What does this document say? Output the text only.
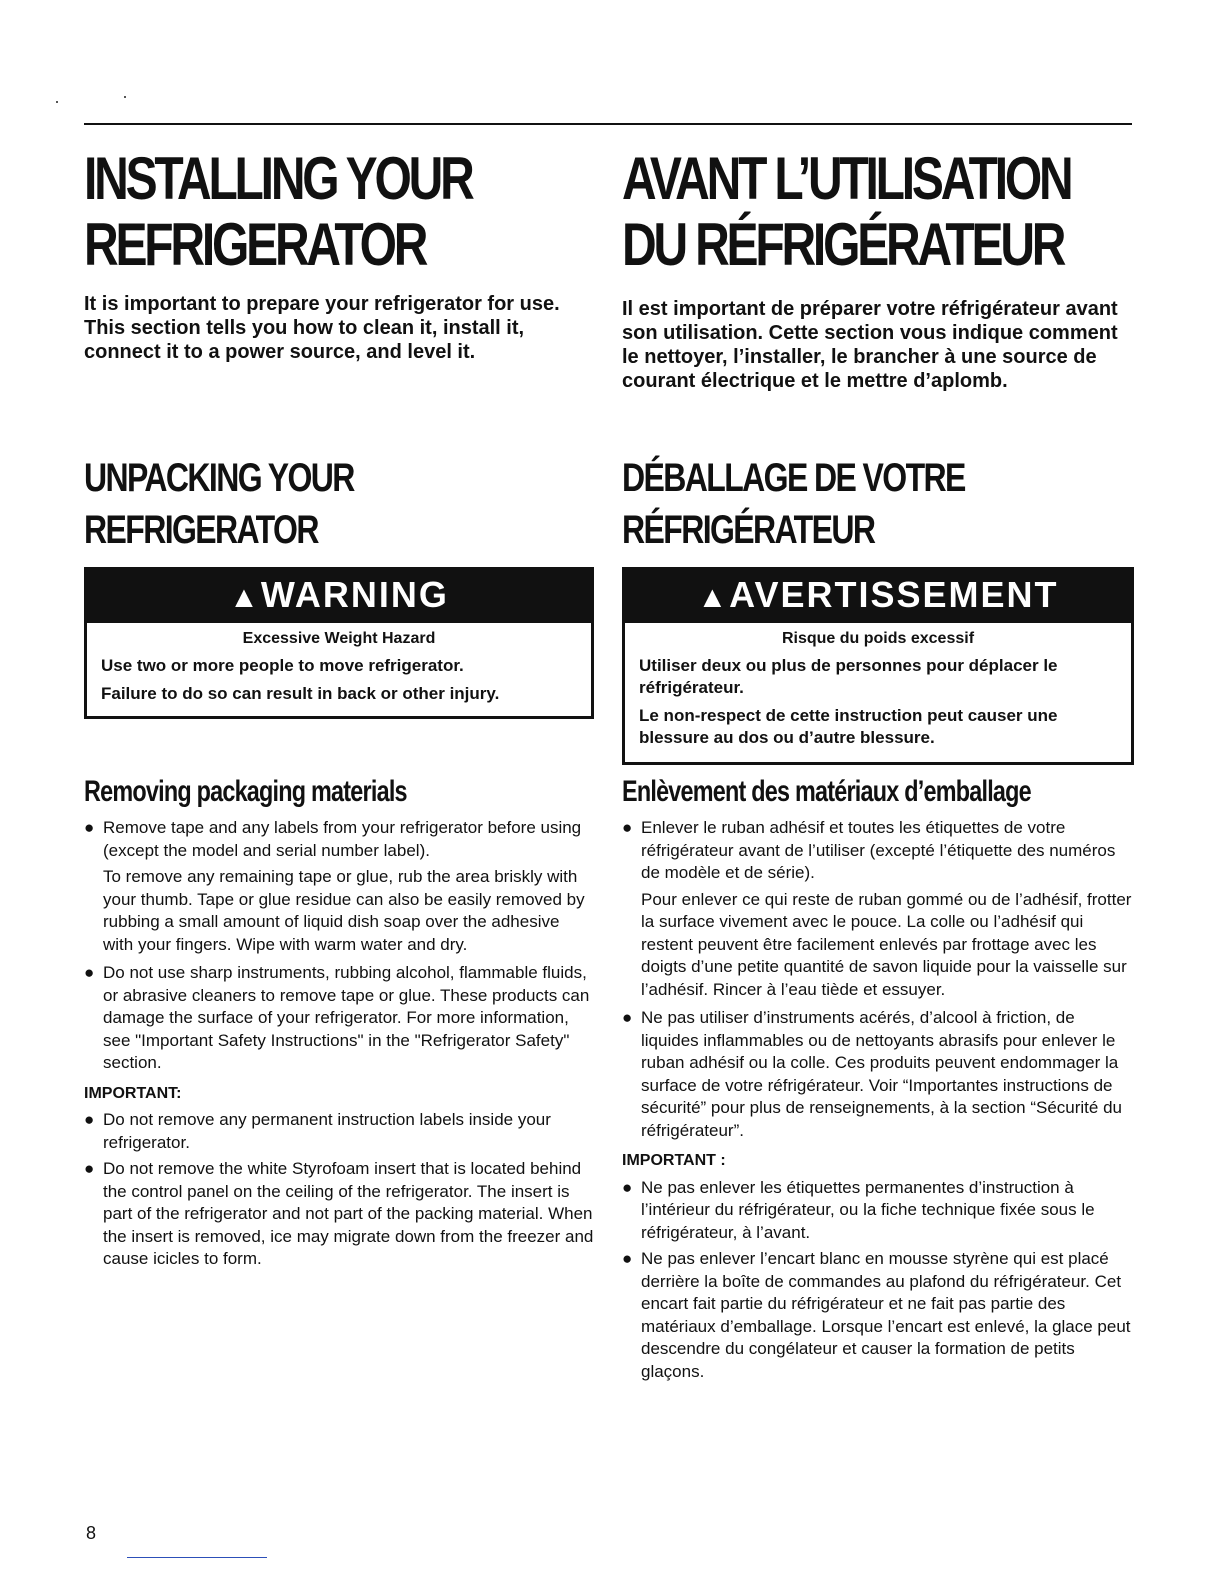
INSTALLING YOUR REFRIGERATOR

It is important to prepare your refrigerator for use. This section tells you how to clean it, install it, connect it to a power source, and level it.

UNPACKING YOUR REFRIGERATOR
▲WARNING
Excessive Weight Hazard
Use two or more people to move refrigerator.
Failure to do so can result in back or other injury.
Removing packaging materials
● Remove tape and any labels from your refrigerator before using (except the model and serial number label).
To remove any remaining tape or glue, rub the area briskly with your thumb. Tape or glue residue can also be easily removed by rubbing a small amount of liquid dish soap over the adhesive with your fingers. Wipe with warm water and dry.
● Do not use sharp instruments, rubbing alcohol, flammable fluids, or abrasive cleaners to remove tape or glue. These products can damage the surface of your refrigerator. For more information, see "Important Safety Instructions" in the "Refrigerator Safety" section.
IMPORTANT:
● Do not remove any permanent instruction labels inside your refrigerator.
● Do not remove the white Styrofoam insert that is located behind the control panel on the ceiling of the refrigerator. The insert is part of the refrigerator and not part of the packing material. When the insert is removed, ice may migrate down from the freezer and cause icicles to form.
AVANT L’UTILISATION DU RÉFRIGÉRATEUR

Il est important de préparer votre réfrigérateur avant son utilisation. Cette section vous indique comment le nettoyer, l’installer, le brancher à une source de courant électrique et le mettre d’aplomb.

DÉBALLAGE DE VOTRE RÉFRIGÉRATEUR
▲AVERTISSEMENT
Risque du poids excessif
Utiliser deux ou plus de personnes pour déplacer le réfrigérateur.
Le non-respect de cette instruction peut causer une blessure au dos ou d’autre blessure.
Enlèvement des matériaux d’emballage
● Enlever le ruban adhésif et toutes les étiquettes de votre réfrigérateur avant de l’utiliser (excepté l’étiquette des numéros de modèle et de série).
Pour enlever ce qui reste de ruban gommé ou de l’adhésif, frotter la surface vivement avec le pouce. La colle ou l’adhésif qui restent peuvent être facilement enlevés par frottage avec les doigts d’une petite quantité de savon liquide pour la vaisselle sur l’adhésif. Rincer à l’eau tiède et essuyer.
● Ne pas utiliser d’instruments acérés, d’alcool à friction, de liquides inflammables ou de nettoyants abrasifs pour enlever le ruban adhésif ou la colle. Ces produits peuvent endommager la surface de votre réfrigérateur. Voir “Importantes instructions de sécurité” pour plus de renseignements, à la section “Sécurité du réfrigérateur”.
IMPORTANT :
● Ne pas enlever les étiquettes permanentes d’instruction à l’intérieur du réfrigérateur, ou la fiche technique fixée sous le réfrigérateur, à l’avant.
● Ne pas enlever l’encart blanc en mousse styrène qui est placé derrière la boîte de commandes au plafond du réfrigérateur. Cet encart fait partie du réfrigérateur et ne fait pas partie des matériaux d’emballage. Lorsque l’encart est enlevé, la glace peut descendre du congélateur et causer la formation de petits glaçons.
8
